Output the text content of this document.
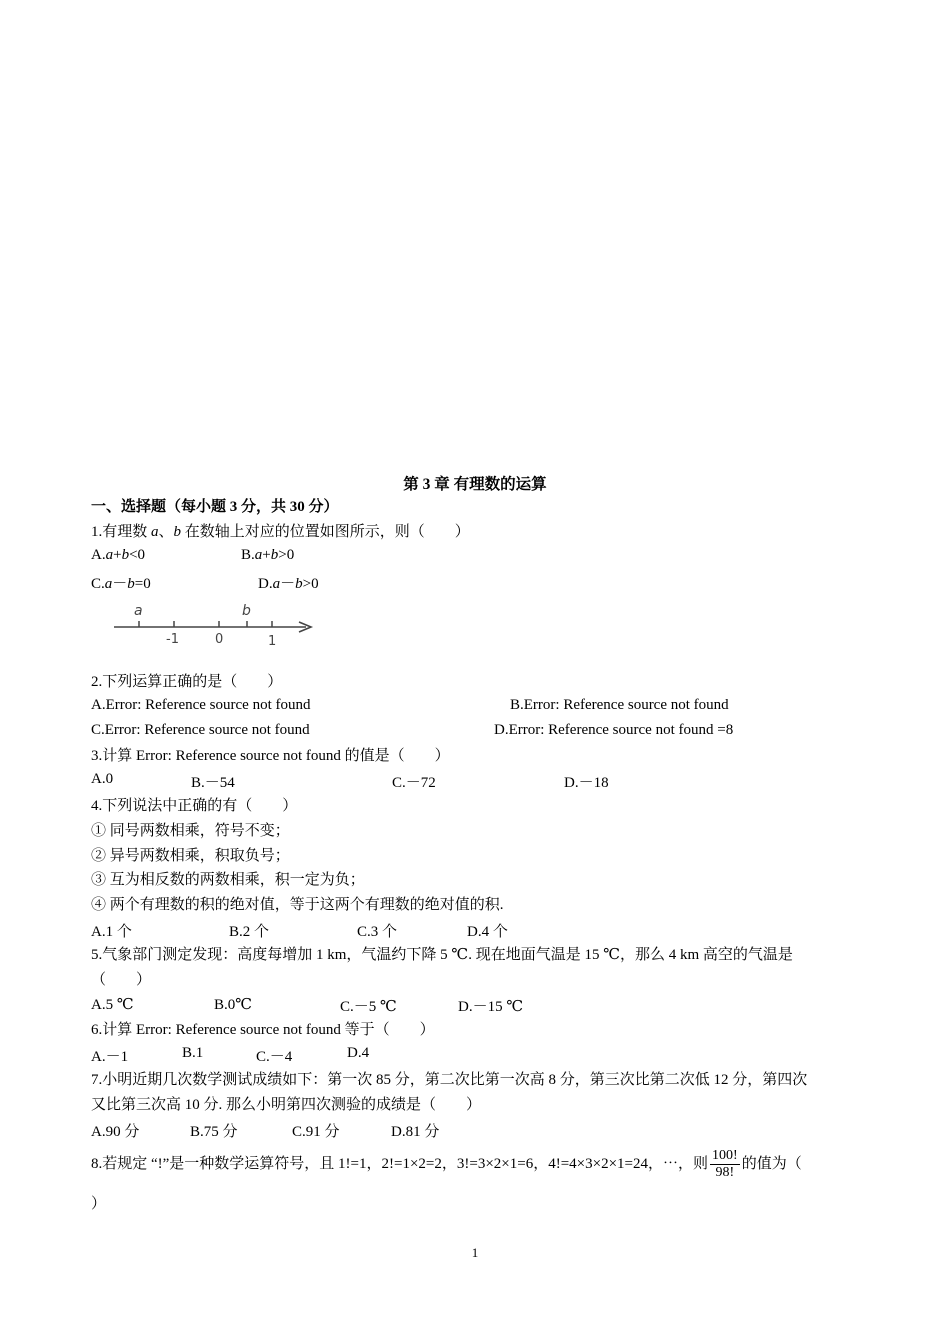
第 3 章 有理数的运算
一、选择题（每小题 3 分，共 30 分）
1.有理数 a、b 在数轴上对应的位置如图所示，则（　　）
A.a+b<0	B.a+b>0
C.a－b=0	D.a－b>0
a	b
-1	0	1
2.下列运算正确的是（　　）
A.Error: Reference source not found	B.Error: Reference source not found
C.Error: Reference source not found	D.Error: Reference source not found =8
3.计算 Error: Reference source not found 的值是（　　）
A.0	B.－54	C.－72	D.－18
4.下列说法中正确的有（　　）
① 同号两数相乘，符号不变；
② 异号两数相乘，积取负号；
③ 互为相反数的两数相乘，积一定为负；
④ 两个有理数的积的绝对值，等于这两个有理数的绝对值的积.
A.1 个	B.2 个	C.3 个	D.4 个
5.气象部门测定发现：高度每增加 1 km，气温约下降 5 ℃. 现在地面气温是 15 ℃，那么 4 km 高空的气温是
（　　）
A.5 ℃	B.0℃	C.－5 ℃	D.－15 ℃
6.计算 Error: Reference source not found 等于（　　）
A.－1	B.1	C.－4	D.4
7.小明近期几次数学测试成绩如下：第一次 85 分，第二次比第一次高 8 分，第三次比第二次低 12 分，第四次
又比第三次高 10 分. 那么小明第四次测验的成绩是（　　）
A.90 分	B.75 分	C.91 分	D.81 分
8.若规定 “!”是一种数学运算符号，且 1!=1，2!=1×2=2，3!=3×2×1=6，4!=4×3×2×1=24，⋯，则 $\frac{100!}{98!}$ 的值为（
）
1
